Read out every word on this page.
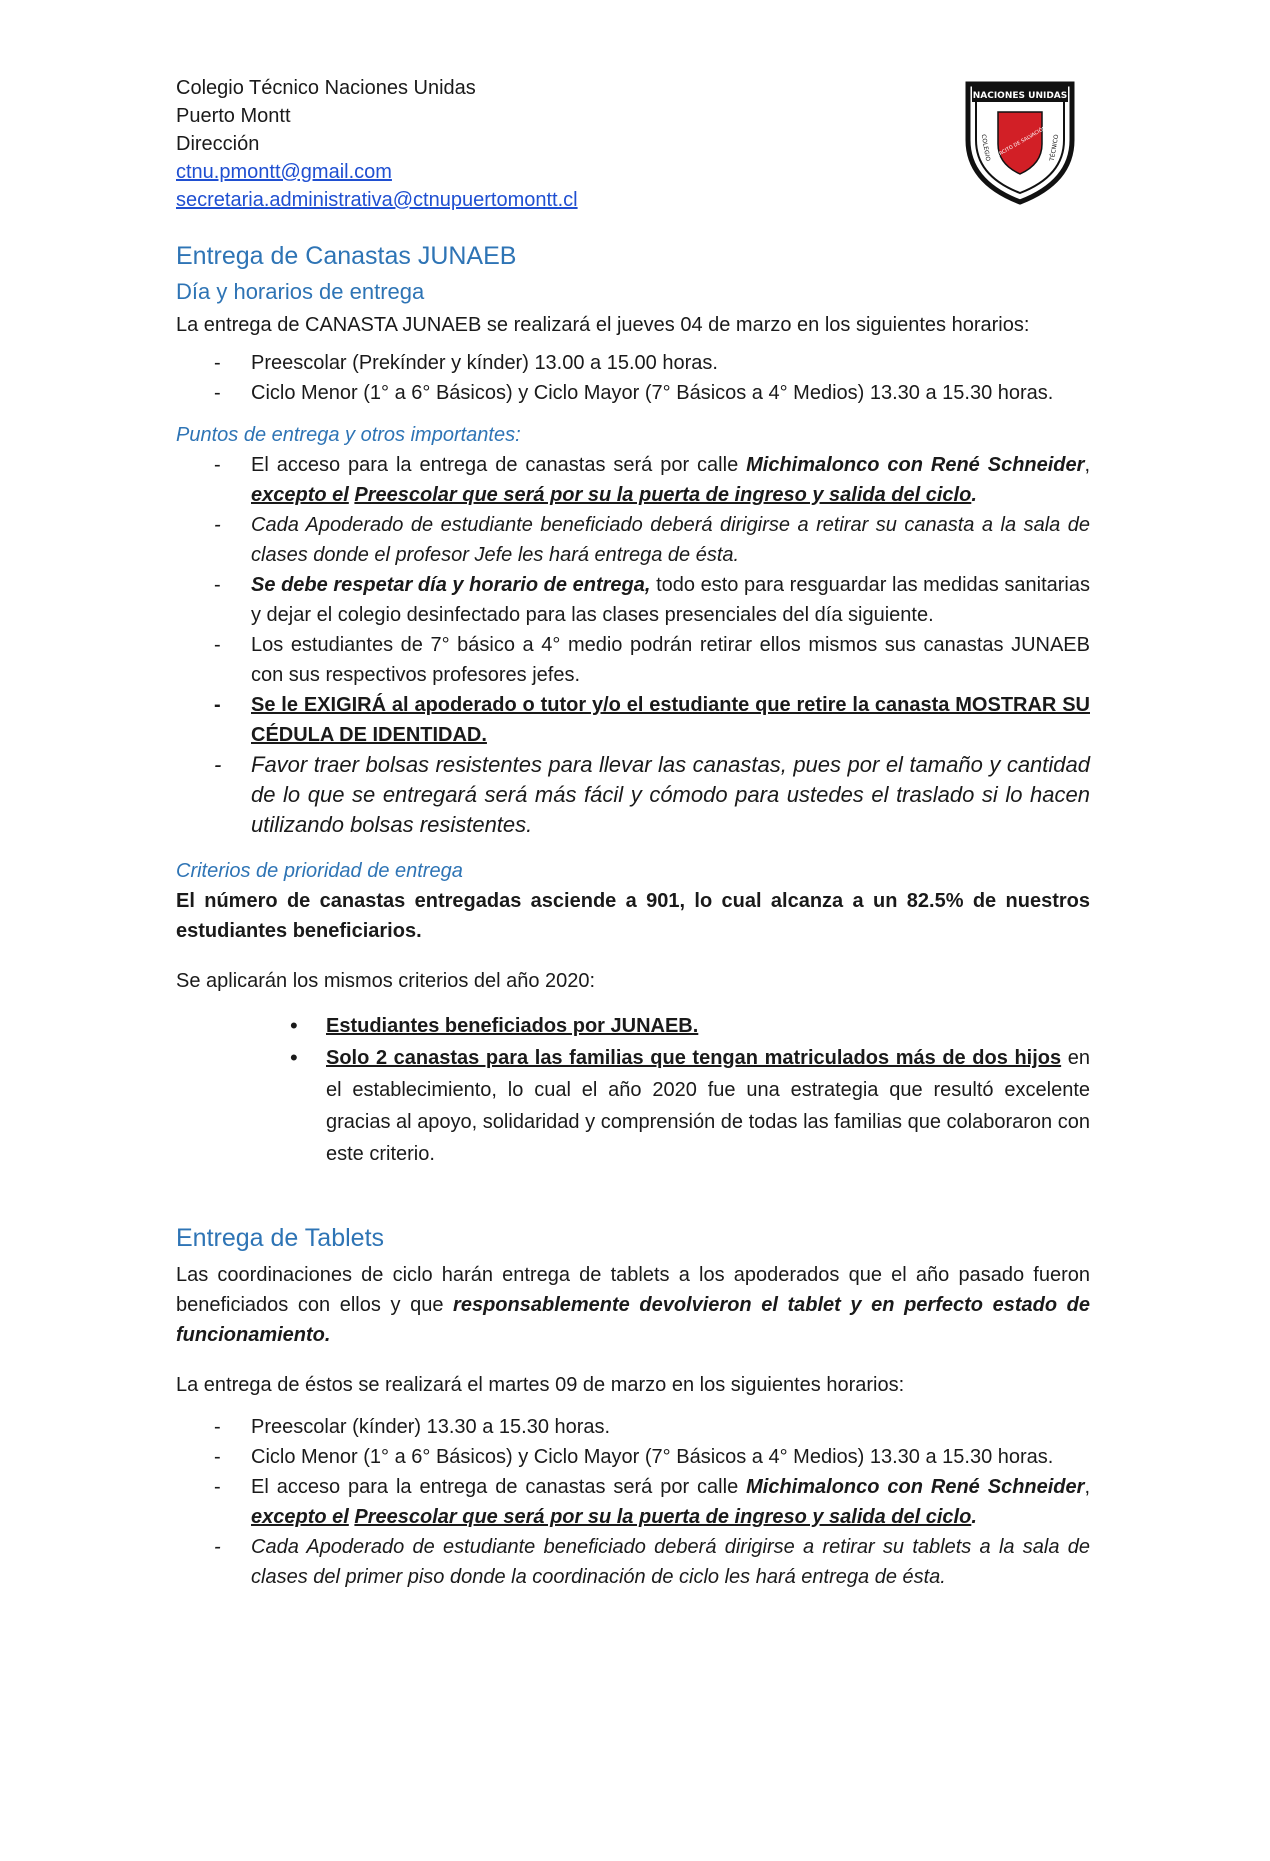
NACIONES UNIDAS
COLEGIO	TÉCNICO
EJÉRCITO DE SALVACIÓN

Colegio Técnico Naciones Unidas

Puerto Montt

Dirección

ctnu.pmontt@gmail.com

secretaria.administrativa@ctnupuertomontt.cl

Entrega de Canastas JUNAEB
Día y horarios de entrega

La entrega de CANASTA JUNAEB se realizará el jueves 04 de marzo en los siguientes horarios:

- Preescolar (Prekínder y kínder) 13.00 a 15.00 horas.
- Ciclo Menor (1° a 6° Básicos) y Ciclo Mayor (7° Básicos a 4° Medios) 13.30 a 15.30 horas.
Puntos de entrega y otros importantes:
- El acceso para la entrega de canastas será por calle Michimalonco con René Schneider, excepto el Preescolar que será por su la puerta de ingreso y salida del ciclo.
- Cada Apoderado de estudiante beneficiado deberá dirigirse a retirar su canasta a la sala de clases donde el profesor Jefe les hará entrega de ésta.
- Se debe respetar día y horario de entrega, todo esto para resguardar las medidas sanitarias y dejar el colegio desinfectado para las clases presenciales del día siguiente.
- Los estudiantes de 7° básico a 4° medio podrán retirar ellos mismos sus canastas JUNAEB con sus respectivos profesores jefes.
- Se le EXIGIRÁ al apoderado o tutor y/o el estudiante que retire la canasta MOSTRAR SU CÉDULA DE IDENTIDAD.
- Favor traer bolsas resistentes para llevar las canastas, pues por el tamaño y cantidad de lo que se entregará será más fácil y cómodo para ustedes el traslado si lo hacen utilizando bolsas resistentes.
Criterios de prioridad de entrega

El número de canastas entregadas asciende a 901, lo cual alcanza a un 82.5% de nuestros estudiantes beneficiarios.

Se aplicarán los mismos criterios del año 2020:

• Estudiantes beneficiados por JUNAEB.
• Solo 2 canastas para las familias que tengan matriculados más de dos hijos en el establecimiento, lo cual el año 2020 fue una estrategia que resultó excelente gracias al apoyo, solidaridad y comprensión de todas las familias que colaboraron con este criterio.
Entrega de Tablets

Las coordinaciones de ciclo harán entrega de tablets a los apoderados que el año pasado fueron beneficiados con ellos y que responsablemente devolvieron el tablet y en perfecto estado de funcionamiento.

La entrega de éstos se realizará el martes 09 de marzo en los siguientes horarios:

- Preescolar (kínder) 13.30 a 15.30 horas.
- Ciclo Menor (1° a 6° Básicos) y Ciclo Mayor (7° Básicos a 4° Medios) 13.30 a 15.30 horas.
- El acceso para la entrega de canastas será por calle Michimalonco con René Schneider, excepto el Preescolar que será por su la puerta de ingreso y salida del ciclo.
- Cada Apoderado de estudiante beneficiado deberá dirigirse a retirar su tablets a la sala de clases del primer piso donde la coordinación de ciclo les hará entrega de ésta.
